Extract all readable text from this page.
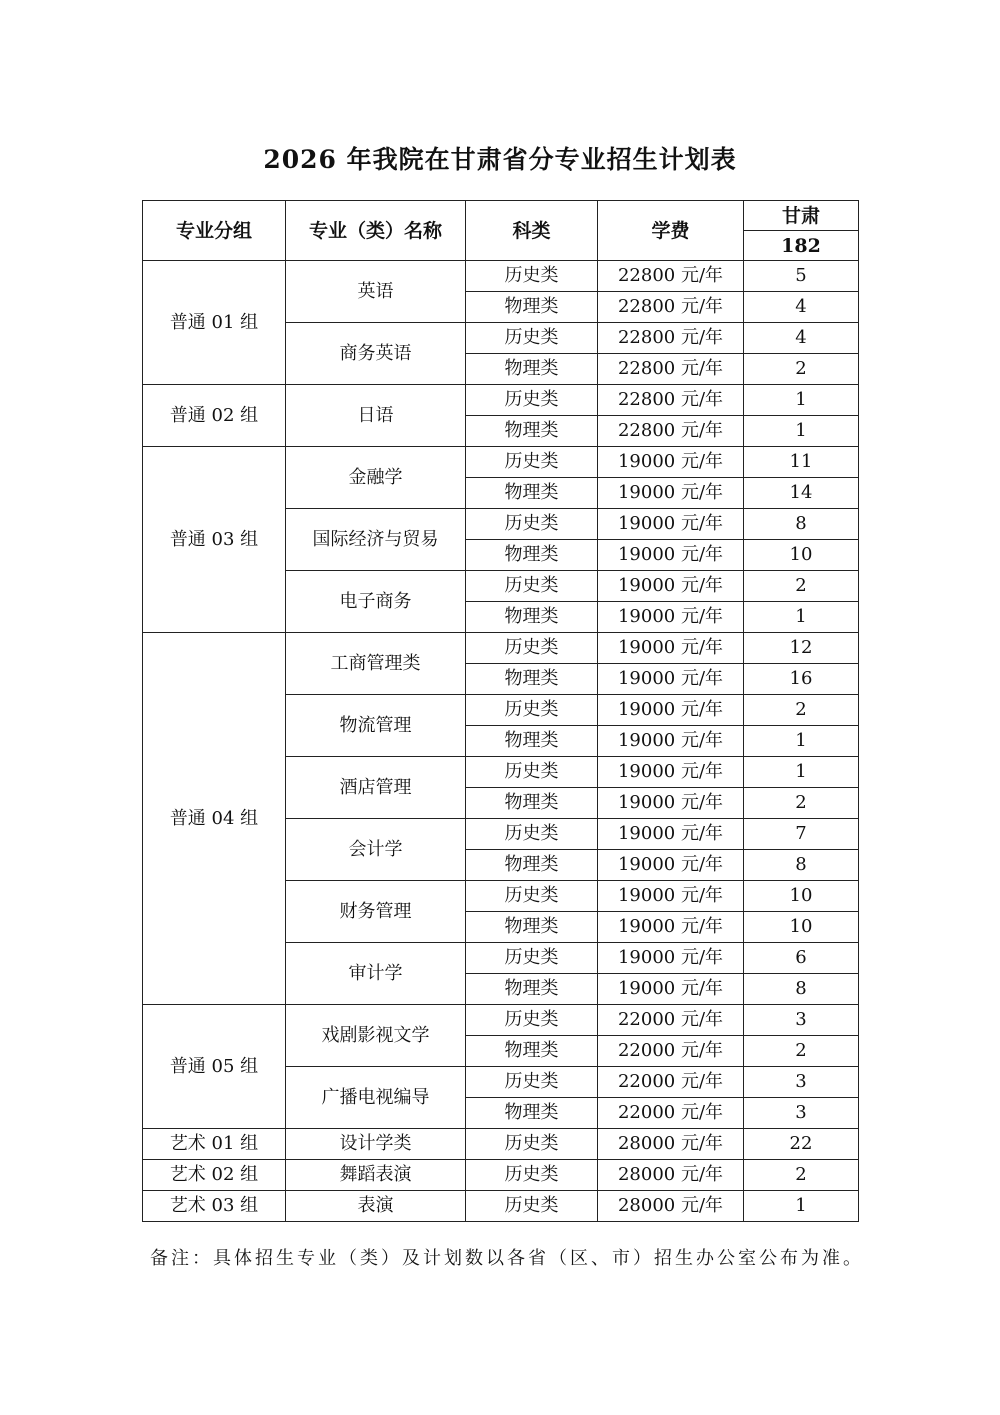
2026 年我院在甘肃省分专业招生计划表
专业分组	专业（类）名称	科类	学费	甘肃
				182
普通 01 组	英语	历史类	22800 元/年	5
		物理类	22800 元/年	4
	商务英语	历史类	22800 元/年	4
		物理类	22800 元/年	2
普通 02 组	日语	历史类	22800 元/年	1
		物理类	22800 元/年	1
普通 03 组	金融学	历史类	19000 元/年	11
		物理类	19000 元/年	14
	国际经济与贸易	历史类	19000 元/年	8
		物理类	19000 元/年	10
	电子商务	历史类	19000 元/年	2
		物理类	19000 元/年	1
普通 04 组	工商管理类	历史类	19000 元/年	12
		物理类	19000 元/年	16
	物流管理	历史类	19000 元/年	2
		物理类	19000 元/年	1
	酒店管理	历史类	19000 元/年	1
		物理类	19000 元/年	2
	会计学	历史类	19000 元/年	7
		物理类	19000 元/年	8
	财务管理	历史类	19000 元/年	10
		物理类	19000 元/年	10
	审计学	历史类	19000 元/年	6
		物理类	19000 元/年	8
普通 05 组	戏剧影视文学	历史类	22000 元/年	3
		物理类	22000 元/年	2
	广播电视编导	历史类	22000 元/年	3
		物理类	22000 元/年	3
艺术 01 组	设计学类	历史类	28000 元/年	22
艺术 02 组	舞蹈表演	历史类	28000 元/年	2
艺术 03 组	表演	历史类	28000 元/年	1
备注：具体招生专业（类）及计划数以各省（区、市）招生办公室公布为准。
